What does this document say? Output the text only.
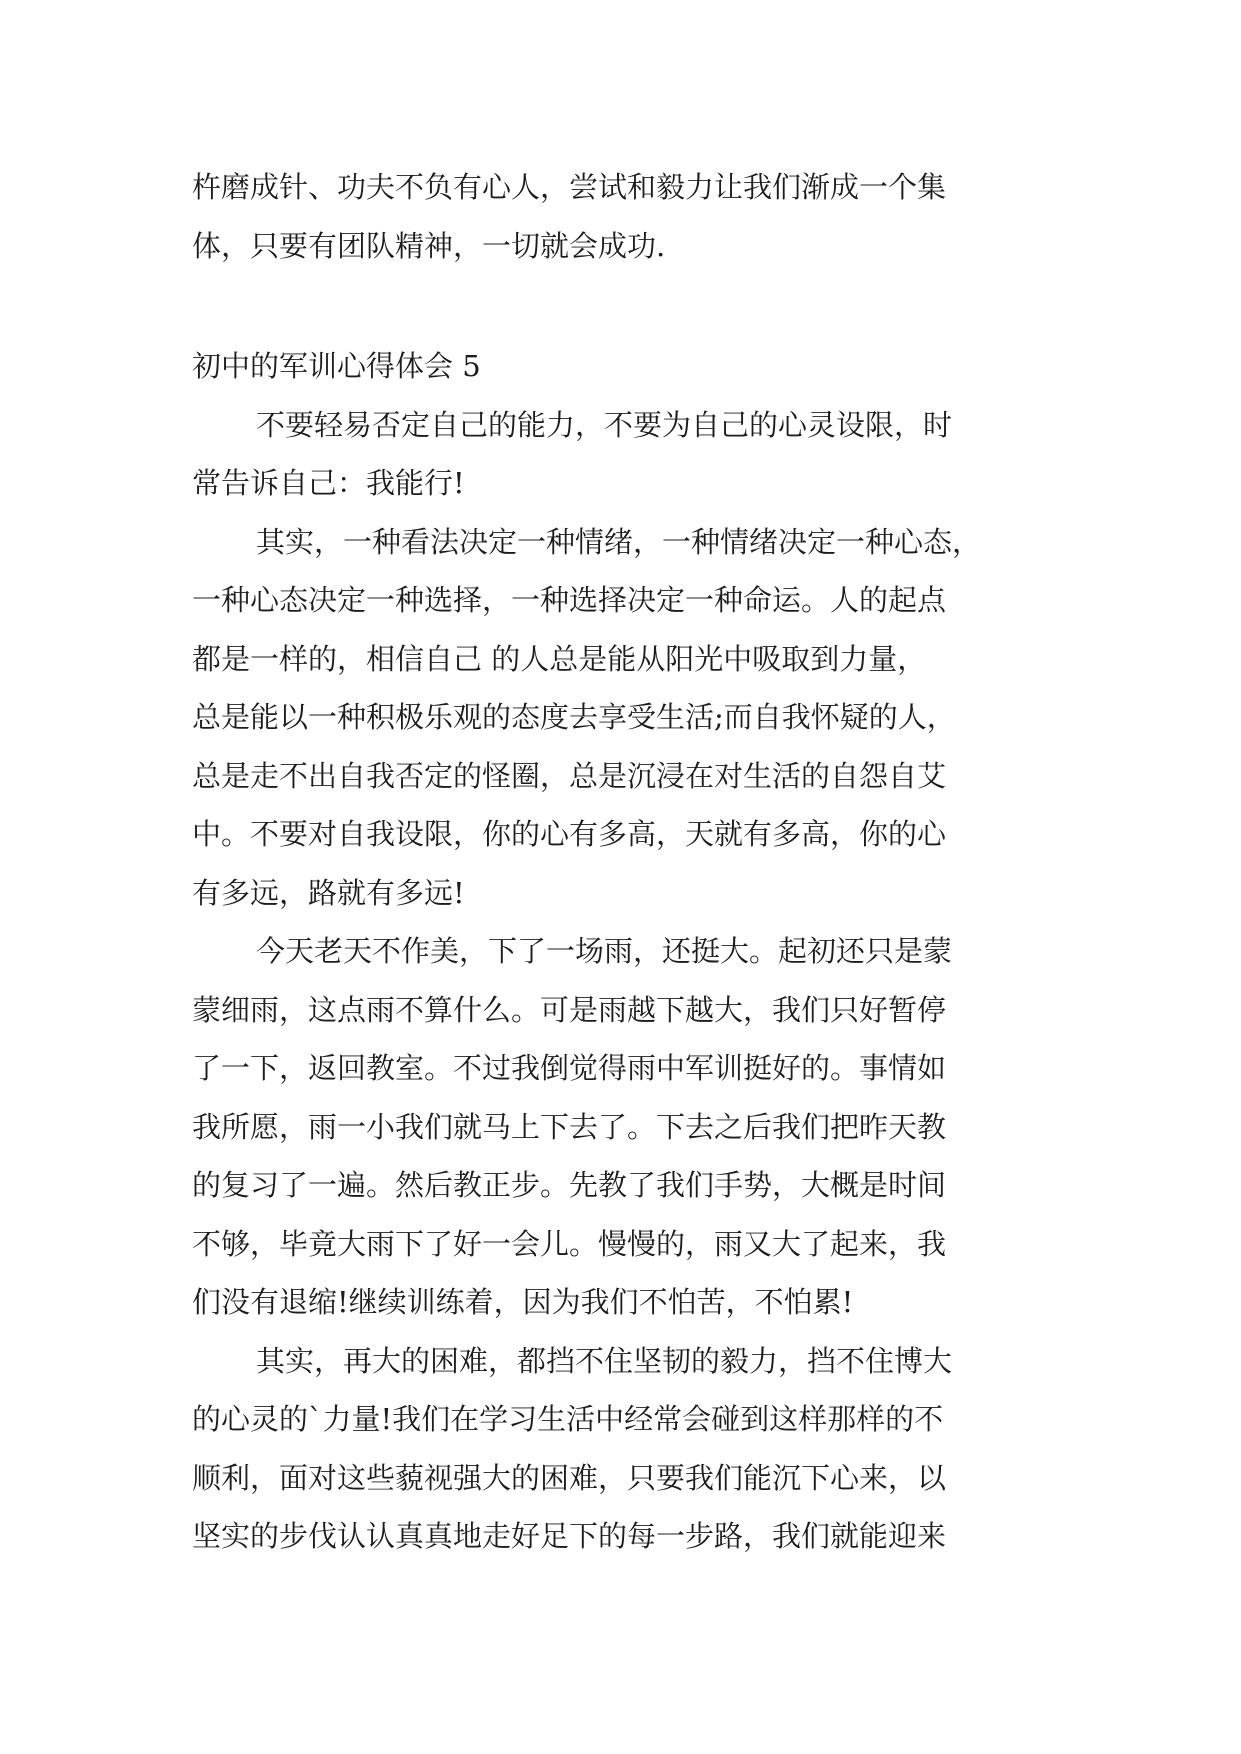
杵磨成针、功夫不负有心人，尝试和毅力让我们渐成一个集
体，只要有团队精神，一切就会成功.
初中的军训心得体会 5
不要轻易否定自己的能力，不要为自己的心灵设限，时
常告诉自己：我能行!
其实，一种看法决定一种情绪，一种情绪决定一种心态，
一种心态决定一种选择，一种选择决定一种命运。人的起点
都是一样的，相信自己 的人总是能从阳光中吸取到力量，
总是能以一种积极乐观的态度去享受生活;而自我怀疑的人，
总是走不出自我否定的怪圈，总是沉浸在对生活的自怨自艾
中。不要对自我设限，你的心有多高，天就有多高，你的心
有多远，路就有多远!
今天老天不作美，下了一场雨，还挺大。起初还只是蒙
蒙细雨，这点雨不算什么。可是雨越下越大，我们只好暂停
了一下，返回教室。不过我倒觉得雨中军训挺好的。事情如
我所愿，雨一小我们就马上下去了。下去之后我们把昨天教
的复习了一遍。然后教正步。先教了我们手势，大概是时间
不够，毕竟大雨下了好一会儿。慢慢的，雨又大了起来，我
们没有退缩!继续训练着，因为我们不怕苦，不怕累!
其实，再大的困难，都挡不住坚韧的毅力，挡不住博大
的心灵的`力量!我们在学习生活中经常会碰到这样那样的不
顺利，面对这些藐视强大的困难，只要我们能沉下心来，以
坚实的步伐认认真真地走好足下的每一步路，我们就能迎来
